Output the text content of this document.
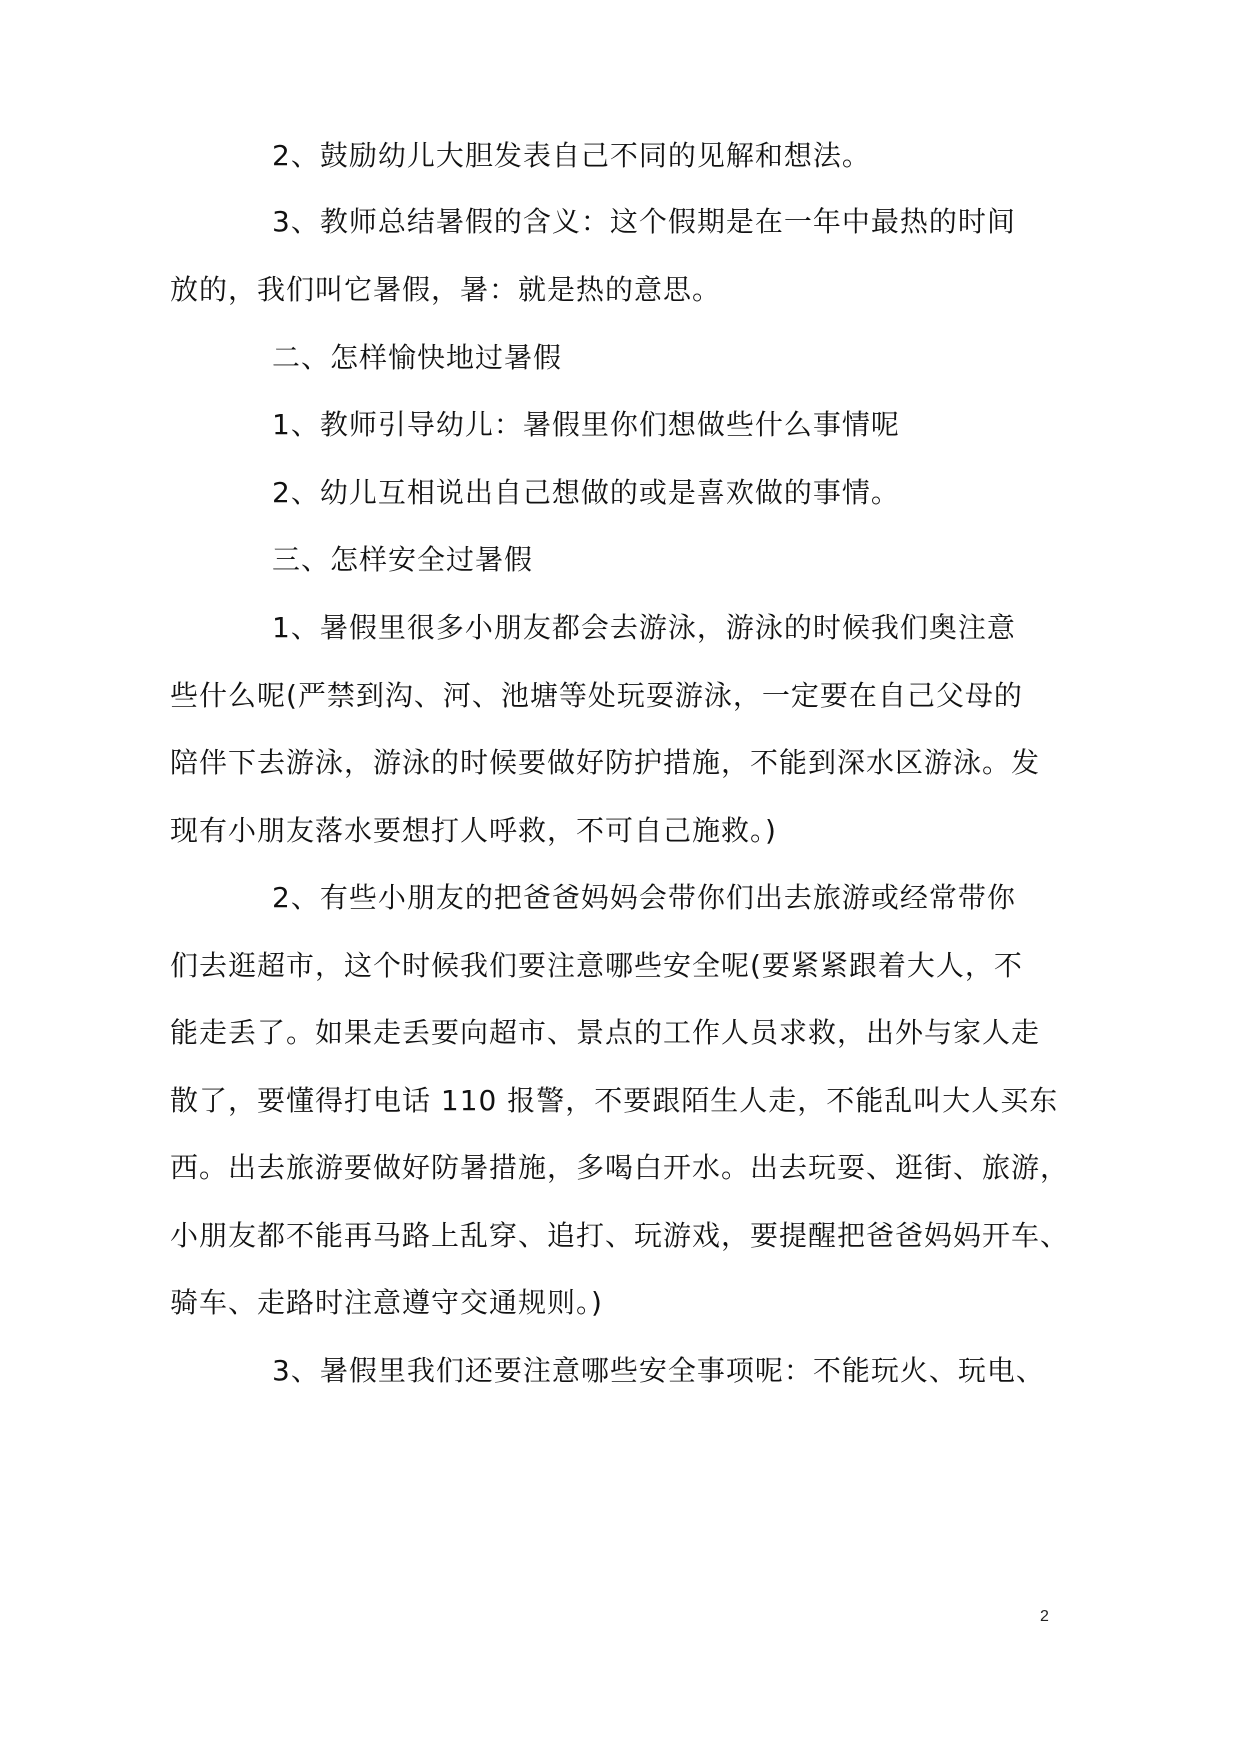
2、鼓励幼儿大胆发表自己不同的见解和想法。
3、教师总结暑假的含义：这个假期是在一年中最热的时间
放的，我们叫它暑假，暑：就是热的意思。
二、怎样愉快地过暑假
1、教师引导幼儿：暑假里你们想做些什么事情呢
2、幼儿互相说出自己想做的或是喜欢做的事情。
三、怎样安全过暑假
1、暑假里很多小朋友都会去游泳，游泳的时候我们奥注意
些什么呢(严禁到沟、河、池塘等处玩耍游泳，一定要在自己父母的
陪伴下去游泳，游泳的时候要做好防护措施，不能到深水区游泳。发
现有小朋友落水要想打人呼救，不可自己施救。)
2、有些小朋友的把爸爸妈妈会带你们出去旅游或经常带你
们去逛超市，这个时候我们要注意哪些安全呢(要紧紧跟着大人，不
能走丢了。如果走丢要向超市、景点的工作人员求救，出外与家人走
散了，要懂得打电话 110 报警，不要跟陌生人走，不能乱叫大人买东
西。出去旅游要做好防暑措施，多喝白开水。出去玩耍、逛街、旅游，
小朋友都不能再马路上乱穿、追打、玩游戏，要提醒把爸爸妈妈开车、
骑车、走路时注意遵守交通规则。)
3、暑假里我们还要注意哪些安全事项呢：不能玩火、玩电、
2
